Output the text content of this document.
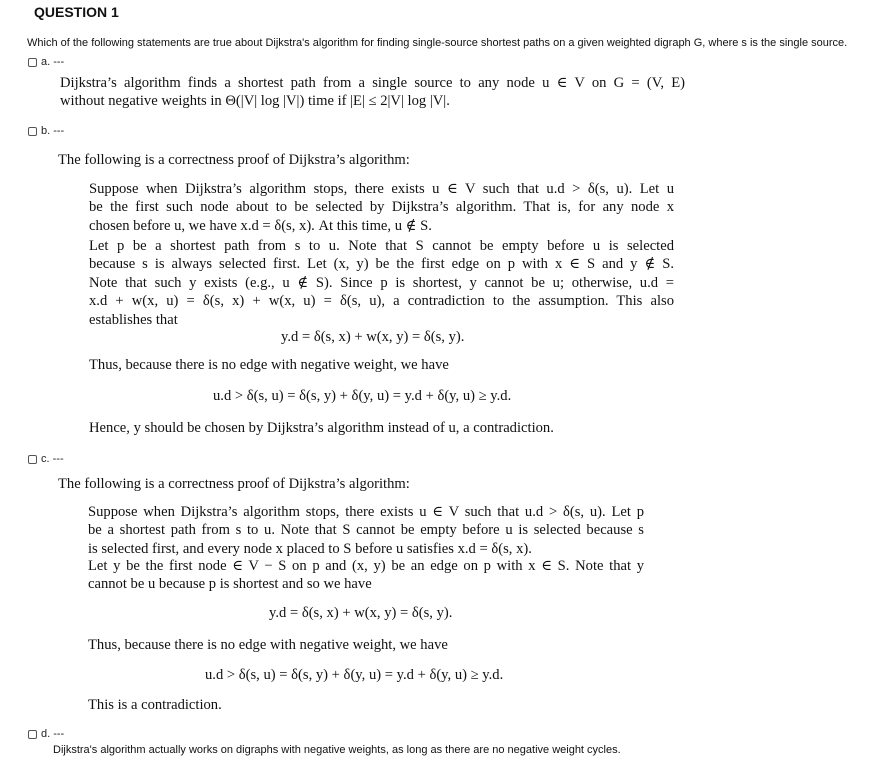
QUESTION 1
Which of the following statements are true about Dijkstra's algorithm for finding single-source shortest paths on a given weighted digraph G, where s is the single source.
a. ---
Dijkstra’s algorithm finds a shortest path from a single source to any node u ∈ V on G = (V, E)
without negative weights in Θ(|V| log |V|) time if |E| ≤ 2|V| log |V|.
b. ---
The following is a correctness proof of Dijkstra’s algorithm:
Suppose when Dijkstra’s algorithm stops, there exists u ∈ V such that u.d > δ(s, u). Let u
be the first such node about to be selected by Dijkstra’s algorithm. That is, for any node x
chosen before u, we have x.d = δ(s, x). At this time, u ∉ S.
Let p be a shortest path from s to u. Note that S cannot be empty before u is selected
because s is always selected first. Let (x, y) be the first edge on p with x ∈ S and y ∉ S.
Note that such y exists (e.g., u ∉ S). Since p is shortest, y cannot be u; otherwise, u.d =
x.d + w(x, u) = δ(s, x) + w(x, u) = δ(s, u), a contradiction to the assumption. This also
establishes that
y.d = δ(s, x) + w(x, y) = δ(s, y).
Thus, because there is no edge with negative weight, we have
u.d > δ(s, u) = δ(s, y) + δ(y, u) = y.d + δ(y, u) ≥ y.d.
Hence, y should be chosen by Dijkstra’s algorithm instead of u, a contradiction.
c. ---
The following is a correctness proof of Dijkstra’s algorithm:
Suppose when Dijkstra’s algorithm stops, there exists u ∈ V such that u.d > δ(s, u). Let p
be a shortest path from s to u. Note that S cannot be empty before u is selected because s
is selected first, and every node x placed to S before u satisfies x.d = δ(s, x).
Let y be the first node ∈ V − S on p and (x, y) be an edge on p with x ∈ S. Note that y
cannot be u because p is shortest and so we have
y.d = δ(s, x) + w(x, y) = δ(s, y).
Thus, because there is no edge with negative weight, we have
u.d > δ(s, u) = δ(s, y) + δ(y, u) = y.d + δ(y, u) ≥ y.d.
This is a contradiction.
d. ---
Dijkstra's algorithm actually works on digraphs with negative weights, as long as there are no negative weight cycles.
